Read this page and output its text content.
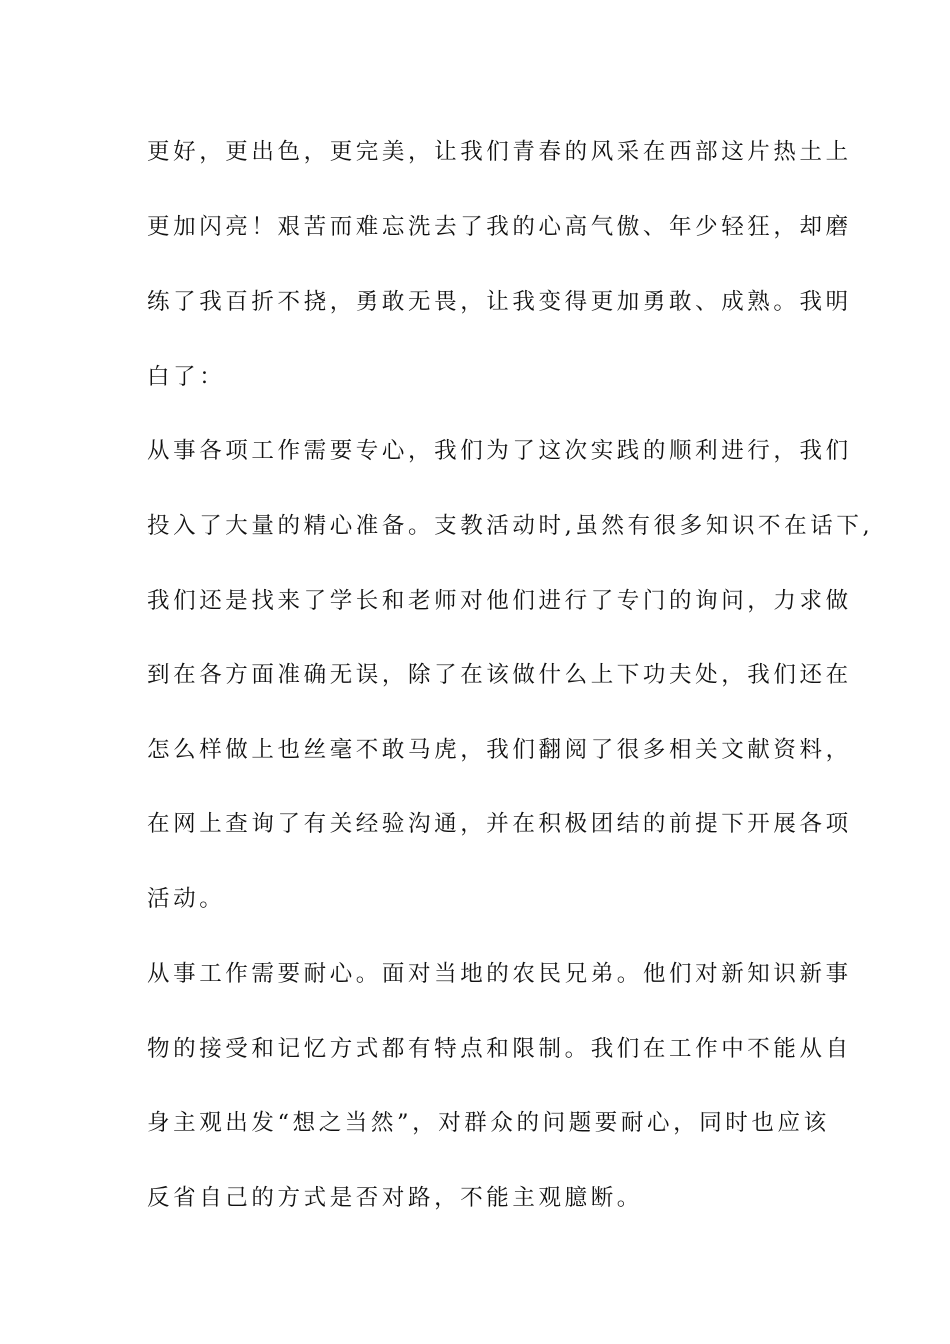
更好，更出色，更完美，让我们青春的风采在西部这片热土上
更加闪亮！艰苦而难忘洗去了我的心高气傲、年少轻狂，却磨
练了我百折不挠，勇敢无畏，让我变得更加勇敢、成熟。我明
白了：
从事各项工作需要专心，我们为了这次实践的顺利进行，我们
投入了大量的精心准备。支教活动时,虽然有很多知识不在话下,
我们还是找来了学长和老师对他们进行了专门的询问，力求做
到在各方面准确无误，除了在该做什么上下功夫处，我们还在
怎么样做上也丝毫不敢马虎，我们翻阅了很多相关文献资料，
在网上查询了有关经验沟通，并在积极团结的前提下开展各项
活动。
从事工作需要耐心。面对当地的农民兄弟。他们对新知识新事
物的接受和记忆方式都有特点和限制。我们在工作中不能从自
身主观出发“想之当然”，对群众的问题要耐心，同时也应该
反省自己的方式是否对路，不能主观臆断。
